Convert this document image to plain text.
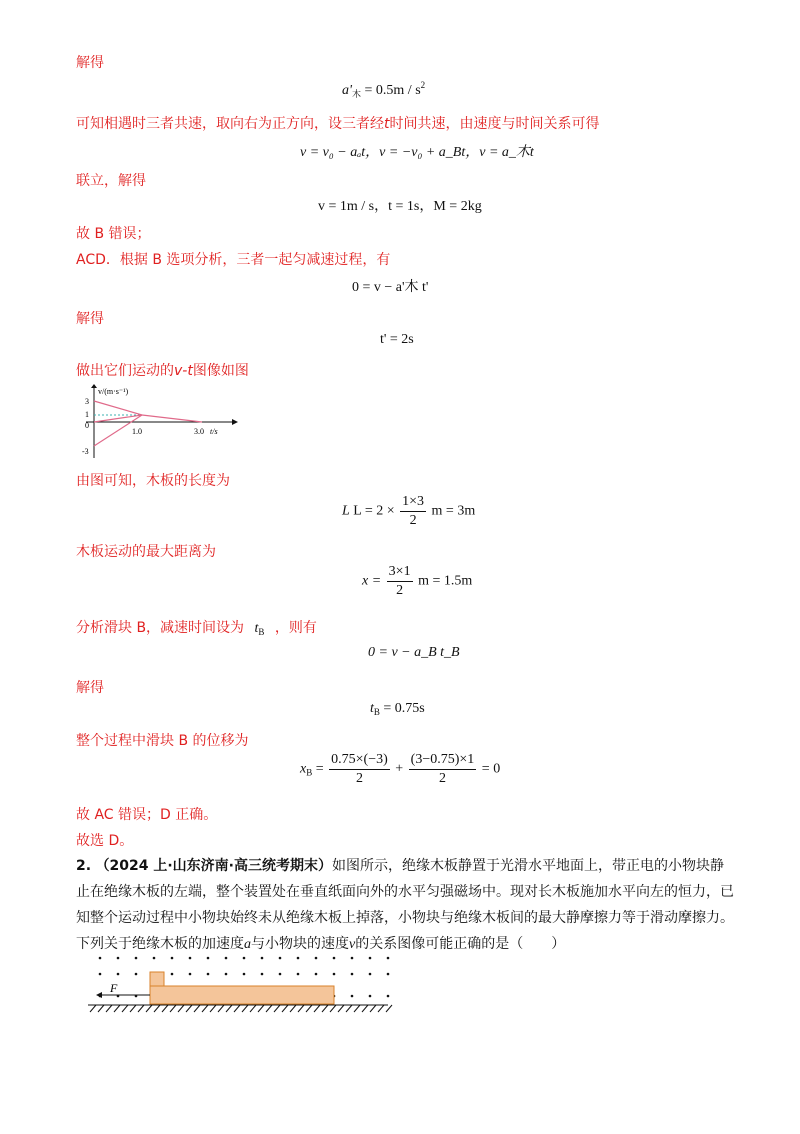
解得
$a'_木 = 0.5m / s^2$
可知相遇时三者共速，取向右为正方向，设三者经t时间共速，由速度与时间关系可得
v = v₀ − aₐt，v = −v₀ + a_Bt，v = a_木t
联立，解得
v = 1m / s，t = 1s，M = 2kg
故 B 错误；
ACD．根据 B 选项分析，三者一起匀减速过程，有
0 = v − a'木 t'
解得
t' = 2s
做出它们运动的v-t图像如图
v/(m·s⁻¹)
3
1
0
-3
1.0	3.0 t/s
由图可知，木板的长度为
L $L = 2 \times \frac{1\times 3}{2}$ m = 3m
木板运动的最大距离为
$x = \frac{3\times 1}{2}$ m = 1.5m
分析滑块 B，减速时间设为 $t_B$ ，则有
0 = v − a_B t_B
解得
$t_B = 0.75s$
整个过程中滑块 B 的位移为
$x_B = \frac{0.75\times(-3)}{2} + \frac{(3-0.75)\times 1}{2} = 0$
故 AC 错误；D 正确。
故选 D。
2. （2024 上·山东济南·高三统考期末）如图所示，绝缘木板静置于光滑水平地面上，带正电的小物块静止在绝缘木板的左端，整个装置处在垂直纸面向外的水平匀强磁场中。现对长木板施加水平向左的恒力，已知整个运动过程中小物块始终未从绝缘木板上掉落，小物块与绝缘木板间的最大静摩擦力等于滑动摩擦力。下列关于绝缘木板的加速度a与小物块的速度v的关系图像可能正确的是（　　）
F
